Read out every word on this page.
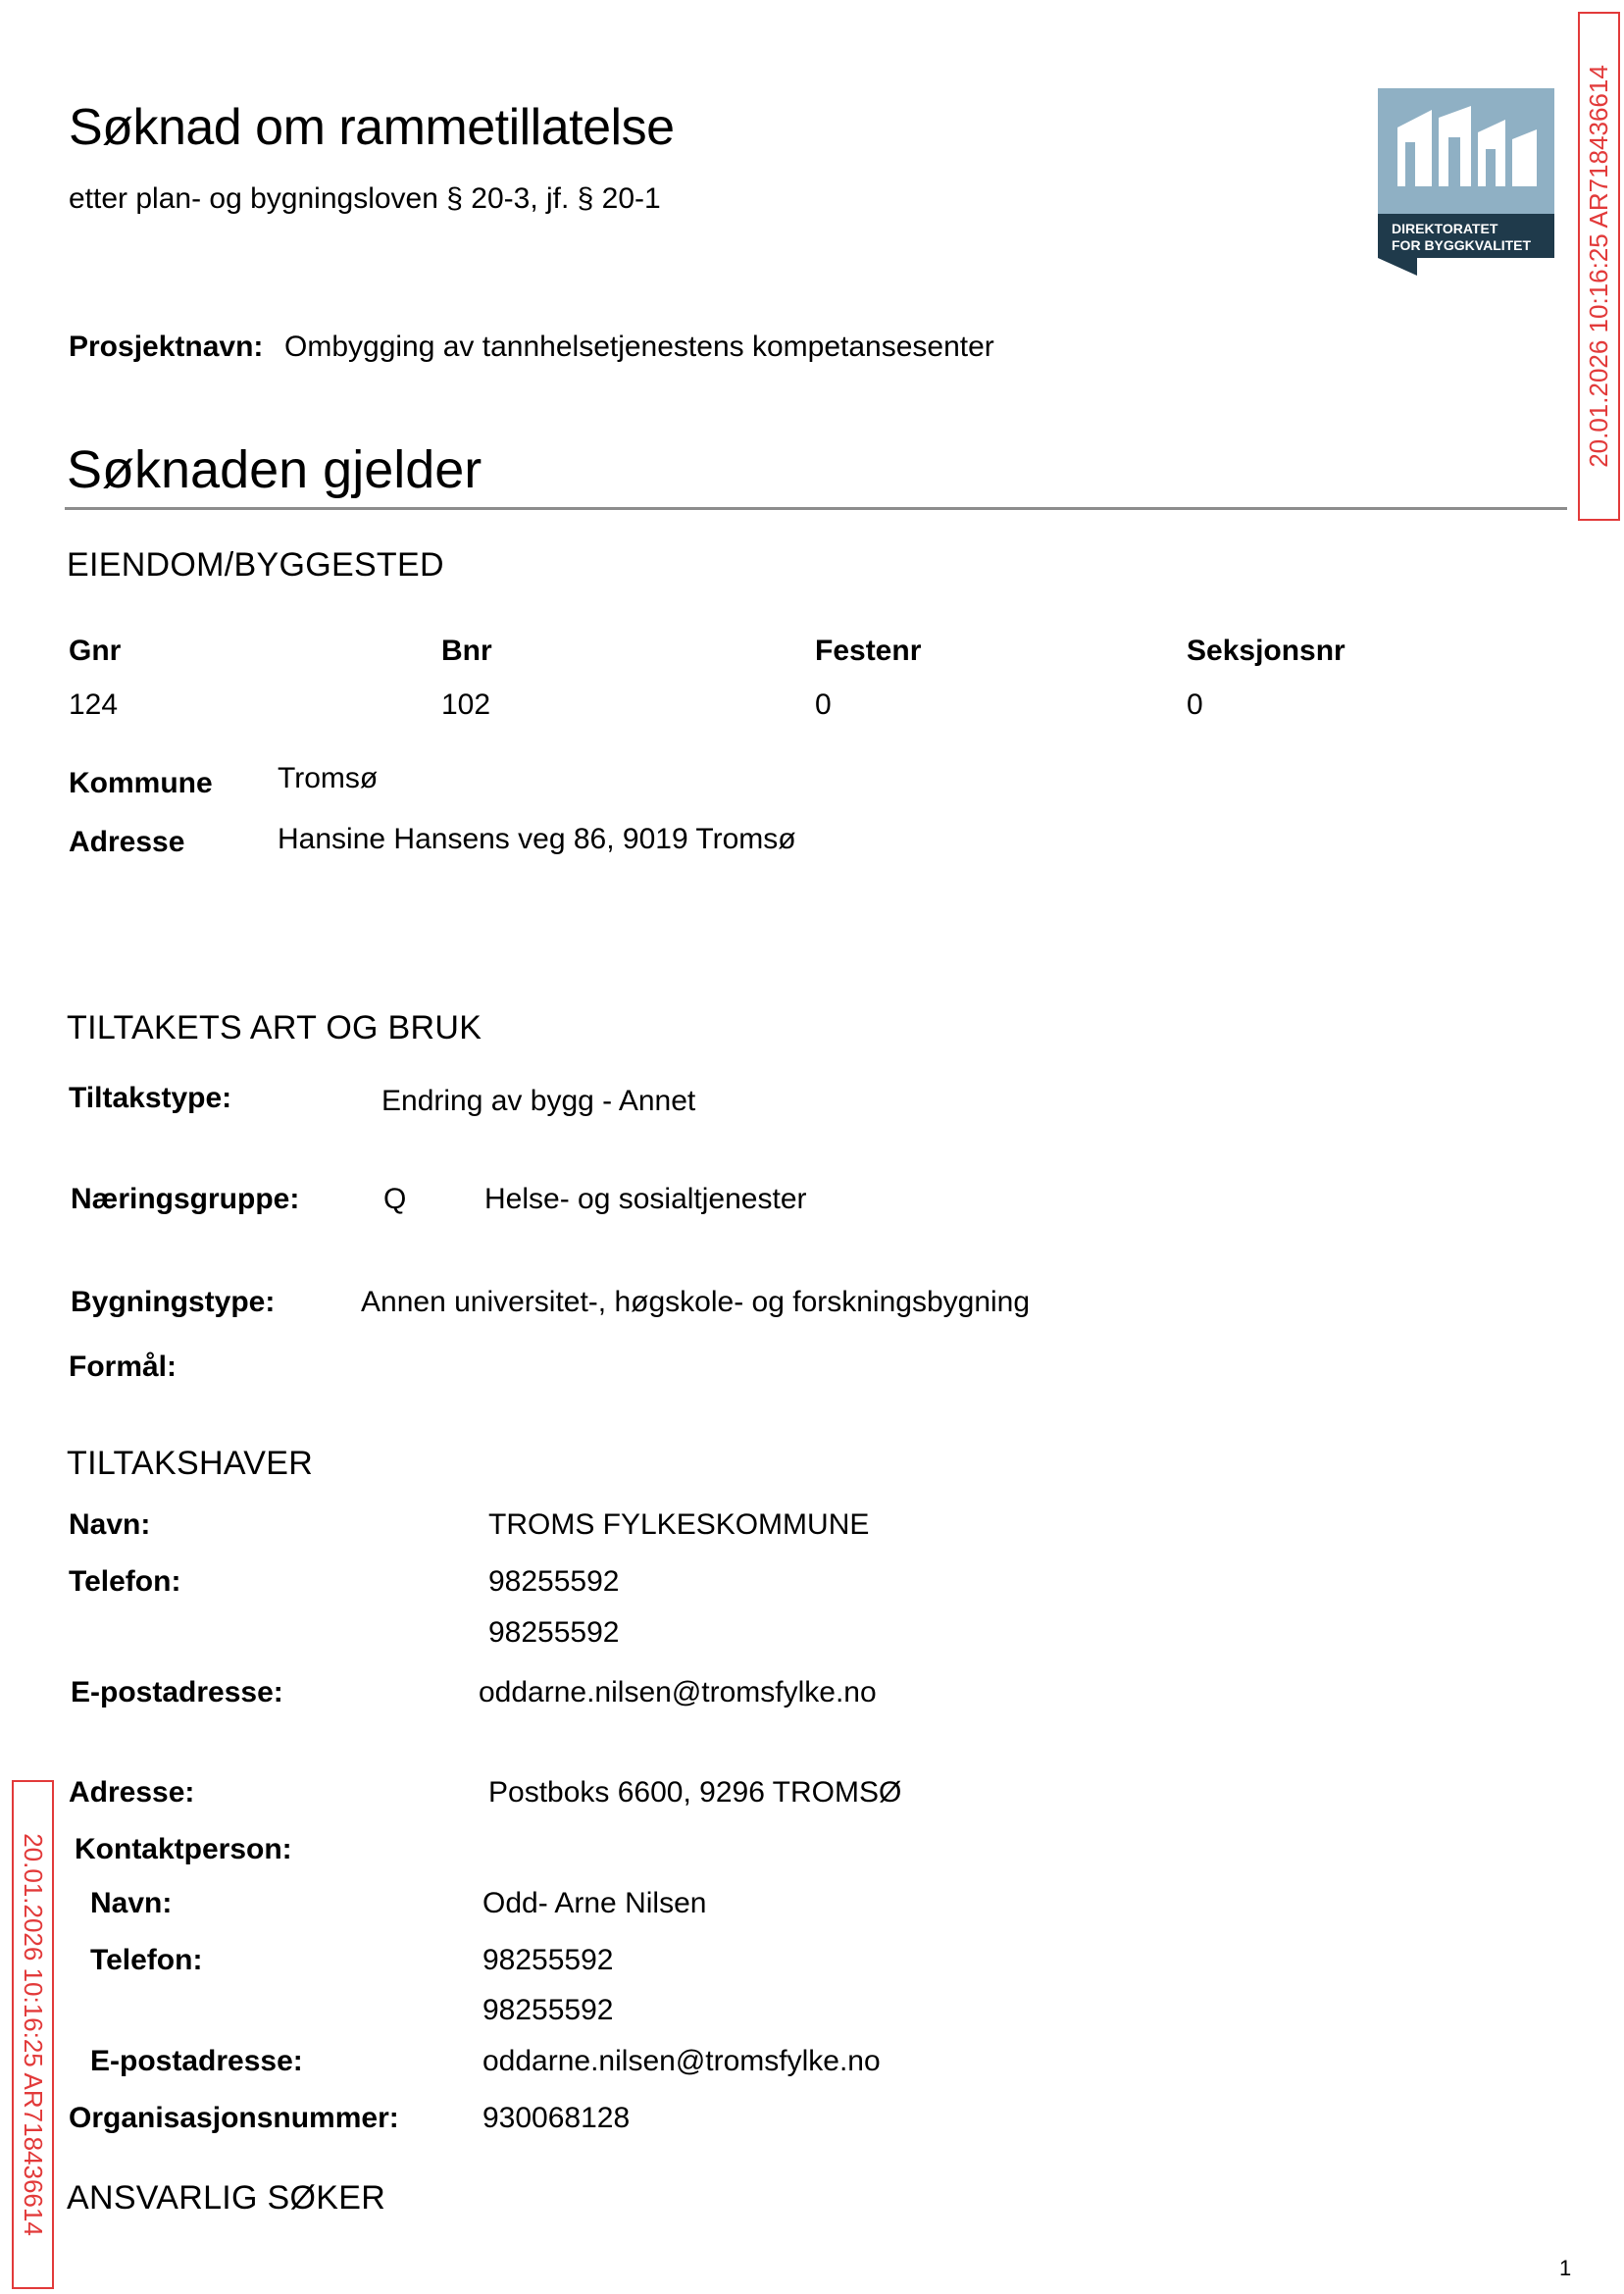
Søknad om rammetillatelse
etter plan- og bygningsloven § 20-3, jf. § 20-1
DIREKTORATET
FOR BYGGKVALITET 20.01.2026 10:16:25 AR718436614
20.01.2026 10:16:25 AR718436614
Prosjektnavn: Ombygging av tannhelsetjenestens kompetansesenter
Søknaden gjelder
EIENDOM/BYGGESTED
Gnr	Bnr	Festenr	Seksjonsnr
124	102	0	0
Kommune Tromsø
Adresse	Hansine Hansens veg 86, 9019 Tromsø
TILTAKETS ART OG BRUK
Tiltakstype:	Endring av bygg - Annet
Næringsgruppe:	Q	Helse- og sosialtjenester
Bygningstype:	Annen universitet-, høgskole- og forskningsbygning
Formål:
TILTAKSHAVER
Navn:	TROMS FYLKESKOMMUNE
Telefon:	98255592
98255592
E-postadresse:	oddarne.nilsen@tromsfylke.no
Adresse:	Postboks 6600, 9296 TROMSØ
Kontaktperson:
Navn:	Odd- Arne Nilsen
Telefon:	98255592
98255592
E-postadresse:	oddarne.nilsen@tromsfylke.no
Organisasjonsnummer:	930068128
ANSVARLIG SØKER
1
